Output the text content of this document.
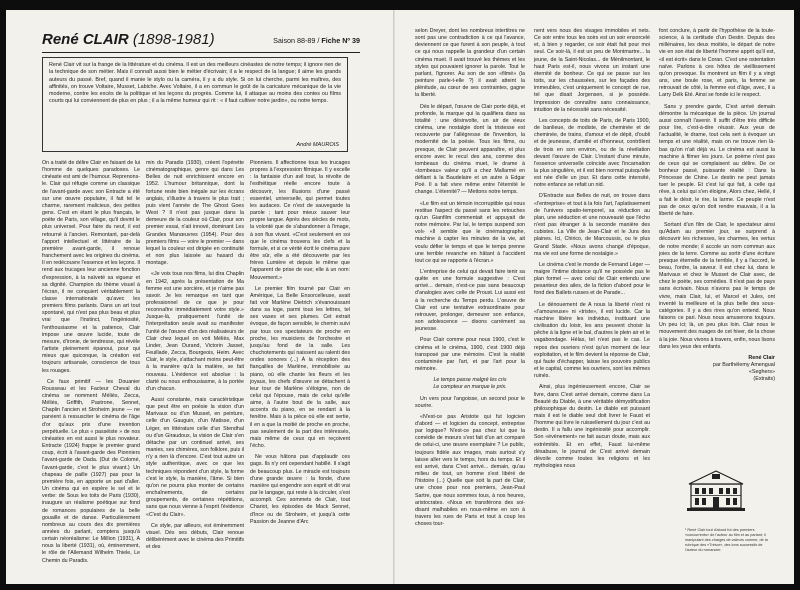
René CLAIR (1898-1981)	Saison 88-89 / Fiche Nº 39
René Clair vit sur la frange de la littérature et du cinéma. Il est un des meilleurs cinéastes de notre temps; il ignore rien de la technique de son métier. Mais il connaît aussi bien le métier d'écrivain; il a le respect de la langue; il aime les grands auteurs du passé. Bref, quand il manie le stylo ou la caméra, il y a du style. Si on lui cherche, parmi les maîtres, des affinités, on trouve Voltaire, Musset, Labiche. Avec Voltaire, il a en commun le goût de la caricature mécanique de la vie moderne, contre les excès de la politique et les leçons du progrès. Comme lui, il attaque au moins des contes ou films courts qui lui conviennent de plus en plus ; il a la même humeur qui rit : « il faut cultiver notre jardin», ou notre temps.
André MAUROIS

On a traité de délire Clair en faisant de lui l'homme de quelques paradoxes. Le cinéaste est ami de l'humour. Reprenons-le. Clair qui réfugie comme un classique de l'avant-garde avec son Entracte a été sur une œuvre populaire, il fait tel le charme, rarement malicieux, des petites gens. C'est en étant le plus français, le poète de Paris, son village, qu'il devint le plus universel. Pour faire du neuf, il est retourné à l'ancien. Remontant, par-delà l'apport intellectuel et littéraire de la première avant-garde, il renoue franchement avec les origines du cinéma. Il en redécouvre l'essence et les leçons. Il rend aux trucages leur ancienne fonction d'expression, à la naïveté sa vigueur et sa dignité. Champion du thème visuel à l'écran, il ne conquiert véritablement la classe internationale qu'avec les premiers films parlants. Dans un art tout spontané, qui n'est pas plus beau et plus vrai que l'instinct, l'ingéniosité, l'enthousiasme et la patience, Clair impose une œuvre lucide, toute de mesure, d'ironie, de tendresse, qui révèle l'artiste pleinement épanoui, pour qui mieux que quiconque, la création est toujours artisanale, conscience de tous les rouages.

Ce faux primitif — les Douanier Rousseau et les Facteur Cheval du cinéma se nomment Méliès, Zecca, Méliès, Griffith, Pastrone, Sennet, Chaplin l'ancien et Stroheim jeune — ne parvient à ressusciter le cinéma de l'âge d'or qu'aux prix d'une invention perpétuelle. Le plus « passéiste » de nos cinéastes en est aussi le plus novateur. Entracte (1924) frappe le premier grand coup, écrit à l'avant-garde des Pionniers l'avant-garde de Dada. (Dut de Colomé, l'avant-garde, c'est le plus vivant.) Un chapeau de paille (1927) pas pour la première fois, en apporte un pari d'aller. Un cinéma qui en espère le sel et le verbe: de Sous les toits de Paris (1930), inaugure un réalisme poétique sur fond de romances populaires de la belle gouaille et de danse. Particulièrement nombreux au cours des dix premières années du parlant, comptera jusqu'à certain néoréalisme: Le Million (1931), A nous la liberté (1931), où, éminemment, le rôle de l'Allemand Wilhelm Thiele, Le Chemin du Paradis.

min du Paradis (1930), créent l'opérette cinématographique, genre qui dans Les Belles de nuit enrichissent encore en 1952. L'humour britannique, dont la fortune reste bien inégale sur les écrans anglais, s'illustre à travers le plus trait ; puis vient l'année de The Ghost Goes West ? Il n'est pas jusque dans la demeure de la couleur où Clair, pour son premier essai, n'ait innové, dominant Les Grandes Manœuvres (1954). Pour des premiers films — voire le premier — dans lequel la couleur est dirigée en continuité et non plus laissée au hasard du montage.

«Je vois tous nos films, lui dira Chaplin en 1942, après la présentation de Ma femme est une sorcière, et je n'aime pas savoir. Je les remarque en tant que professionnel de ce que je pour reconnaître immédiatement votre style.» Jusque-là, pratiquement l'unité de l'interprétation seule avait su manifester l'unité de l'œuvre d'un des réalisateurs de Clair chez lequel on voit Méliès, Max Linder, Jean Durand, Victorin Jasset, Feuillade, Zecca, Bourgeois, Heim. Avec Clair, le style, s'attachant moins peut-être à la manière qu'à la matière, se fait nouveau. L'évidence est absolue : la clarté ou nous enthousiasme, à la portée d'un chacun.

Aussi constante, mais caractéristique que peut être en poésie la vision d'un Marivaux ou d'un Musset, en peinture, celle d'un Gauguin, d'un Matisse, d'un Léger, en littérature celle d'un Stendhal ou d'un Giraudoux, la vision de Clair s'en détache par un continuel arrivé, ses manies, ses chimères, son folklore, puis il n'y a rien là d'encore. C'est tout autre un style authentique, avec ce que les techniques répondent d'un style, la forme c'est le style, la manière, l'âme. Si bien qu'on ne pourra plus monter de certains enchaînements, de certains groupements, de certaines répétitions, sans que nous vienne à l'esprit l'évidence «C'est du Clair».

Ce style, par ailleurs, est éminemment visuel. Dès ses débuts, Clair renoue délibérément avec le cinéma des Primitifs et des

Pionniers. Il affectionne tous les trucages propres à l'expression filmique. Il y excelle : la fantaisie d'un avil tout, la révolte de l'esthétique réelle encore toute à découvrir, les illusions d'une passé essentiel, universelle, qui permet toutes les audaces. Ce n'est de sauvegarde la parole ; tant pour mieux sauver leur propre langue. Après des siècles de mots, la volonté que de s'abandonner à l'image, à son flux vivant. «C'est seulement en soi que le cinéma trouvera les clefs et la formule, et si ce vérité écrit le cinéma pure être sûr, elle a été découverte par les frères Lumière et depuis le même que l'apparent de prise de vue; elle à un nom: Mouvement.»

Le premier film tourné par Clair en Amérique, La Belle Ensorcelleuse, avait fait voir Marlène Dietrich s'évanouissant dans sa loge, parmi tous les lettres, tel ses vases et ses plumes. Cet extrait évoque, de façon sensible, le chemin suivi par tous ces spectateurs de proche en proche, les musiciens de l'orchestre et jusqu'au fond de la salle. Les chuchotements qui naissent au ralenti des ondes sonores (...) À la réception des fiançailles de Marlène, immobilisée au piano, où elle chante les fleurs et les joyaux, les chefs d'œuvre se détachent à leur tour de Marlène s'éloigne, non de celui qui l'épouse, mais de celui qu'elle aime, à l'autre bout de la salle, aux accents du piano, en se rendant à la fenêtre. Mais à la pièce où elle est sertie, il en a que la moitié de proche en proche, pas seulement de la part des intéressés, mais même de ceux qui en reçoivent l'écho.

Ne vous hâtons pas d'applaudir ces gags. Ils n'y ont cependant habillé. Il s'agit de beaucoup plus. Le miracle est toujours d'une grande œuvre : la fonde, d'une manière qui engendre son esprit et dit vrai par le langage, qui reste à la circuler, s'est accompli. Ces sommets de Clair, tout Chariot, les épisodes de Mack Sennet, d'Ince ou de Stroheim, et jusqu'à cette Passion de Jeanne d'Arc

selon Dreyer, dont les nombreux intertitres ne sont pas une contradiction à ce qui l'avance, deviennent ce que furent à son peuple, à tout ce qui nous rappelle la grandeur d'un certain cinéma muet. Il avait trouvé les thèmes et les styles qui pouvaient ignorer la parole. Tout le parlant, l'ignorer. Au son de son «filmé» (la peinture parle-t-elle ?) il avait atteint la plénitude, au cœur de ses contraintes, gagne la liberté.

Dès le départ, l'œuvre de Clair porte déjà, et profonde, la marque qui la qualifiera dans sa totalité : une désinvolte, un air de vieux cinéma, une nostalgie dont la tristesse est recouverte par l'allégresse de l'invention, la modernité de la poésie. Tous les films, ou presque, de Clair peuvent apparaître, et plus encore avec le recul des ans, comme des tombeaux du cinéma muet, le drame à «tombeau» valeur qu'il a chez Mallarmé en défiant à la Baudelaire et un autre à Edgar Poë. Il a fait vivre même entre l'éternité le change. L'éternité? — Mettons notre temps.

«Le film est un témoin incorruptible qui nous restitue l'aspect du passé sans les retouches qu'un Gianfilm commentait et appuyait de notre mémoire. Par lui, le temps suspend son vol» «Il semble que le cinématographe, machine à capter les minutes de la vie, ait voulu défier le temps et que le temps prenne une terrible revanche en hâtant à l'accident tout ce qui se rapporte à l'écran.»

L'entreprise de celui qui devait faire tenir sa quête en une formule suggestive : C'est arrivé... demain, n'est-ce pas sans beaucoup d'analogies avec celle de Proust. Lui aussi est à la recherche du Temps perdu. L'œuvre de Clair est une tentative extraordinaire pour retrouver, prolonger, demeurer son enfance, son adolescence — disons carrément sa jeunesse.

Pour Clair comme pour nous 1900, c'est le cinéma et le cinéma, 1900, c'est 1900 déjà transposé par une mémoire. C'est la réalité contaminée par l'art, et par l'art pour la mémoire.

Le temps passe malgré les cris
Le compteur en marque le prix.

Un vers pour l'angoisse, un second pour le sourire.

«N'est-ce pas Aristote qui fut logicien d'abord — et logicien du concept, entreprise par logique? N'est-ce pas chez lui que la comédie de mœurs s'est fait d'un art comparé de celui-ci, une œuvre exemplaire ? Le public, toujours fidèle aux images, mais surtout s'y laisse aller vers le temps, hors du temps. Et il est arrivé, dans C'est arrivé... demain, qu'au milieu de tout, un homme s'est libéré de l'histoire (...) Quelle que soit la part de Clair, une chose pour nos premiers, Jean-Paul Sartre, que nous sommes tous, à nos heures, aristocrates. «Nous en transférons des soi-disant malhabiles en nous-même en son à travers les rues de Paris et tout à coup les choses tour-

nent vers nous des visages immobiles et nets. Ce soir entre tous les soirs est un soir ensorcelé et, à bien y regarder, ce soir était fait pour moi seul. Ce soir-là, il est un peu de Montmartre... la jeune, de la Saint-Nicolas... de Ménilmontant, le haut Paris est-il, nous vivons un instant une éternité de bonheur. Ce qui se passe sur les toits, sur les chaussées, sur les façades des immeubles, c'est uniquement le concept de rue, tel que disait Jorgensen, si je possède. Impression de connaître sans connaissance, intuition de la nécessité sans nécessité.

Les concepts de toits de Paris, de Paris 1900, de banlieue, de modiste, de cheminée et de cheminée, de trains, d'amour et de dépit, d'oubli et de jeunesse, d'amitié et d'honneur, contrôlent de trois en son environ, ou de la révélation devant l'œuvre de Clair. L'instant d'une minute, l'essence universelle coïncide avec l'incarnation la plus singulière, et il est bien normal puisqu'elle est née d'elle un jour. Et dans cette intensité, notre enfance se refait un nid.

D'Entracte aux Belles de nuit, on trouve dans «l'entreprise» et tout à la fois l'art, l'aplatissement de l'univers spatio-temporel, sa réduction au plan, une séduction et une nouveauté que l'écho n'est pas étranger à la seconde manière des cubistes. La Ville de Jean-Clair et le Jura des plaines. Ici, Chirico, de Marcoussis, ou le plus Grand Stade. «Nous avons changé d'époque, ma vie est une forme de nostalgie.»

Le cinéma c'est le monde de Fernand Léger — maigre l'intime distance qu'il ne possède pas le plan formel — avec celui de Clair entendu une pesanteur des ailes, de la fiction d'abord pour le fond des Ballets russes et de Parade...

Le dénouement de A nous la liberté n'est ni «l'amoureuse» ni «triste», il est lucide. Car la machine libère les individus, instituant une civilisation du loisir, les ans peuvent choisir la pêche à la ligne et le bal, d'autres le plein air et le vagabondage. Hélas, tel n'est pas le cas. Le repos des ouvriers n'est qu'un moment de leur exploitation, et le film devient la réponse de Clair, qui faute d'échapper, laisse les pouvoirs publics et le capital, comme les ouvriers, sont les mêmes ruinés.

Ainsi, plus ingénieusement encore, Clair se livre, dans C'est arrivé demain, comme dans La Beauté du Diable, à une véritable démystification philosophique du destin. Le diable est puissant mais il est le diable seul doit livrer le Faust et l'homme qui livre le ruissellement du jour c'est au destin. Il a fallu une ingéniosité pour accomplir. Son «évènement» ne fait aucun doute, mais aux extrémités. Et en effet, Faust lui-même désabuse, le journal de C'est arrivé demain dévoile comme toutes les religions et les mythologies nous

font conclure, à partir de l'hypothèse de la toute-science, à la certitude d'un Destin. Depuis des millénaires, les deux moitiés, le départ de notre vie en son état de liberté l'homme apprit qu'il est, «il est écrit» dans le Coran. C'est une ostentation naïve. Parlons à ces hôtes de vieillissement qu'on provoque. Ils montrent un film il y a vingt ans, une boule rose, et paris, la femme se retrouvait de côté, la femme est d'âge, avec, il a Larry Delk Eté. Ainsi se fonde ici le respect.

Sans y prendre garde, C'est arrivé demain démontre la mécanique de la pièce. Un journal aussi connaît l'avenir. Il suffit d'être très difficile pour lire, c'est-à-dire réussir. Aux yeux de l'actualité, le drame, tout cela sert à évoquer un temps et une réalité, mais on ne trouve rien là-bas qu'on n'ait déjà vu. Le cinéma est aussi la machine à filmer les jours. Le poème n'est pas de ceux qui se complaisent au délire. De ce bonheur passé, puissante réalité : Dans la Princesse de Chine. Le destin ne peut jamais tuer le peuple. Et c'est lui qui fait, à celle qui rêve, à celui qui s'en éloigne, Alors chez, Hellé, il a fait le désir, le rire, la larme. Ce peuple n'est pas de ceux qu'on doit rendre mauvais, il a la liberté de faire.

Sortant d'un film de Clair, le spectateur ainsi qu'Adam au premier jour, se surprend à découvrir les richesses, les charmes, les vertus de notre monde; il accole un nom commun aux joies de la terre. Comme au sortir d'une écriture presque éternelle de la terrible, il y a l'accord, le beau, l'ordre, la saveur. Il est chez lui, dans le Marivaux et chez le Musset de Clair avec, de chez le poète, ses comédies. Il n'est pas de pays sans écrivain. Nous n'avons pas le temps de vivre, mais Clair, lui, et Marcel et Jules, ont inventé la meilleure et la plus belle des sous-catégories. Il y a des rires qu'on entend. Nous faisons ce pari. Nous nous amuserons toujours. Un peu ici; là, un peu plus loin. Clair nous le mouvement des nuages de cet hiver, de la chose à la joie. Nous vivons à travers, enfin, nous lisons dans les yeux des enfants.

René Clair
par Barthélemy Amengual
«Seghers»
(Extraits)
¹ René Clair tout d'abord fut des premiers «concurrents» de l'acteur au film et au parlant; il manipulant des charges de valeurs comme, de la rubrique des «Trésor», des tons successifs de l'auteur du romancier.
